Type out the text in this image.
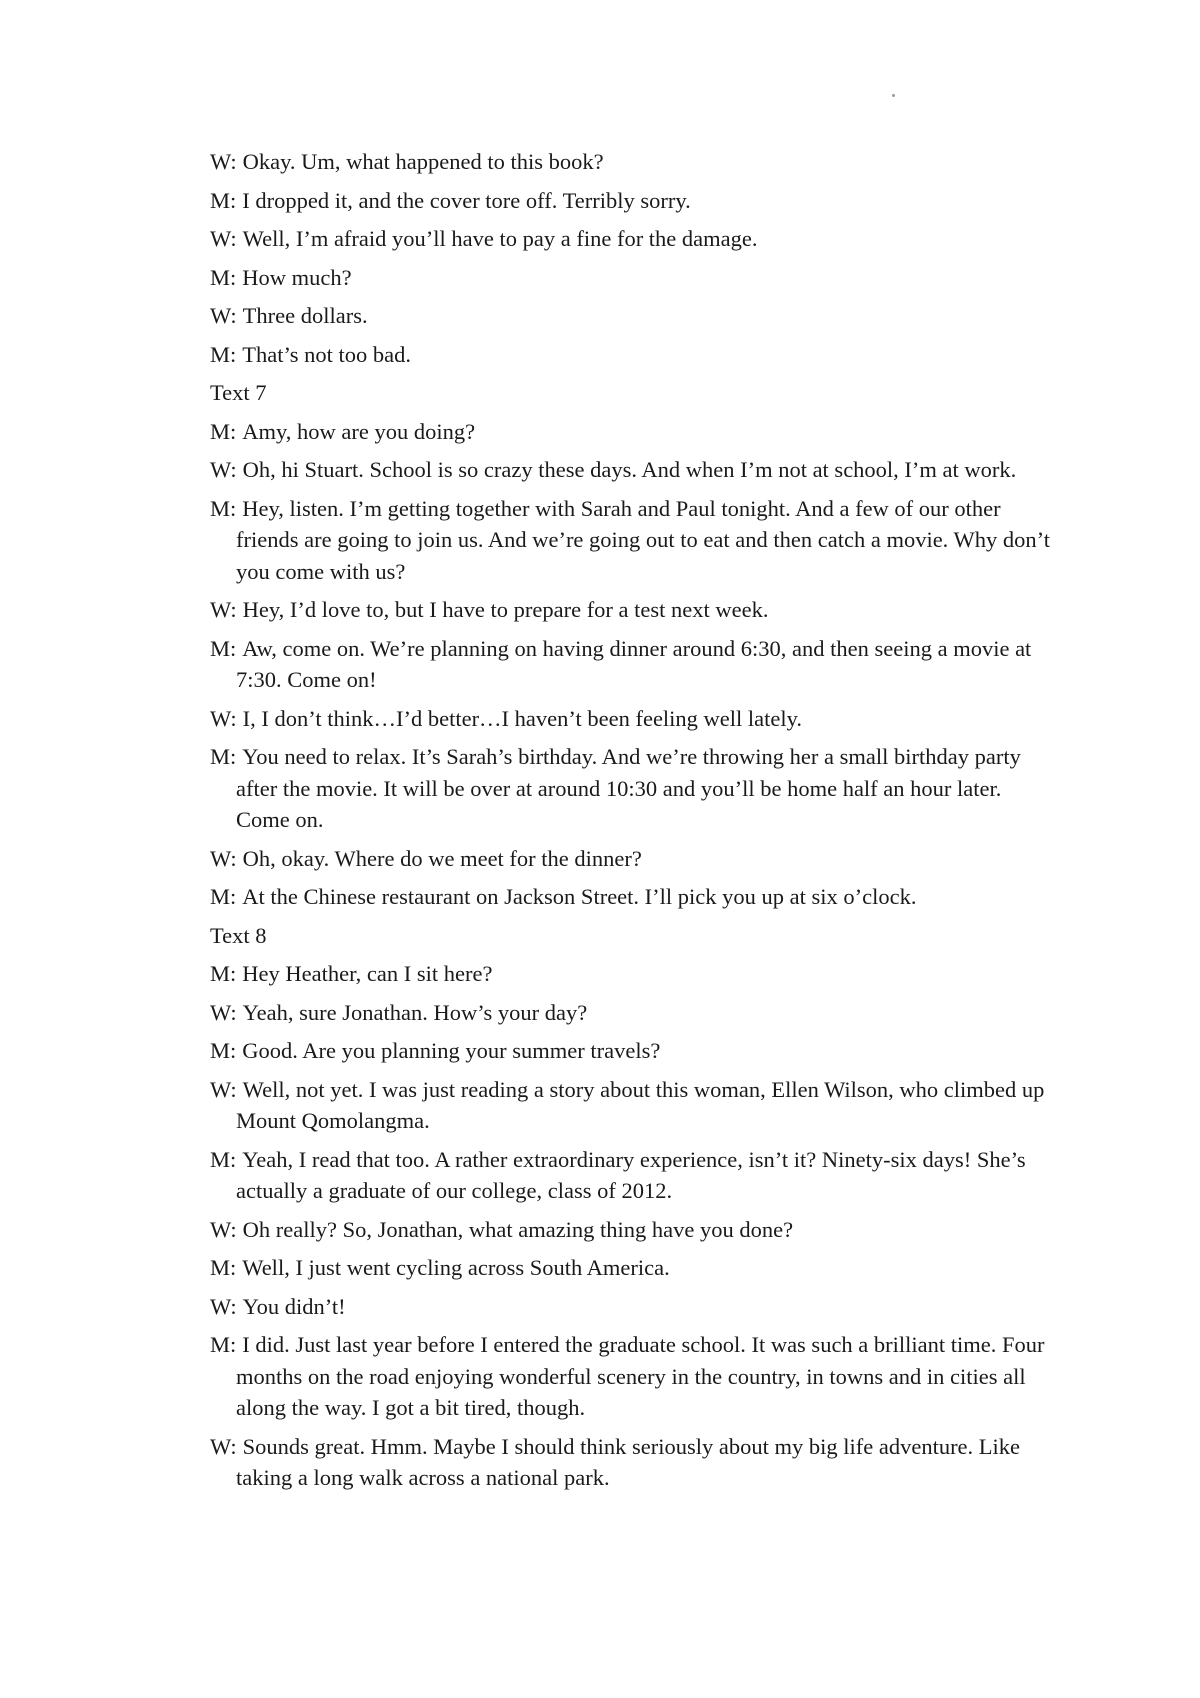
W: Okay. Um, what happened to this book?
M: I dropped it, and the cover tore off. Terribly sorry.
W: Well, I’m afraid you’ll have to pay a fine for the damage.
M: How much?
W: Three dollars.
M: That’s not too bad.
Text 7
M: Amy, how are you doing?
W: Oh, hi Stuart. School is so crazy these days. And when I’m not at school, I’m at work.
M: Hey, listen. I’m getting together with Sarah and Paul tonight. And a few of our other friends are going to join us. And we’re going out to eat and then catch a movie. Why don’t you come with us?
W: Hey, I’d love to, but I have to prepare for a test next week.
M: Aw, come on. We’re planning on having dinner around 6:30, and then seeing a movie at 7:30. Come on!
W: I, I don’t think…I’d better…I haven’t been feeling well lately.
M: You need to relax. It’s Sarah’s birthday. And we’re throwing her a small birthday party after the movie. It will be over at around 10:30 and you’ll be home half an hour later. Come on.
W: Oh, okay. Where do we meet for the dinner?
M: At the Chinese restaurant on Jackson Street. I’ll pick you up at six o’clock.
Text 8
M: Hey Heather, can I sit here?
W: Yeah, sure Jonathan. How’s your day?
M: Good. Are you planning your summer travels?
W: Well, not yet. I was just reading a story about this woman, Ellen Wilson, who climbed up Mount Qomolangma.
M: Yeah, I read that too. A rather extraordinary experience, isn’t it? Ninety-six days! She’s actually a graduate of our college, class of 2012.
W: Oh really? So, Jonathan, what amazing thing have you done?
M: Well, I just went cycling across South America.
W: You didn’t!
M: I did. Just last year before I entered the graduate school. It was such a brilliant time. Four months on the road enjoying wonderful scenery in the country, in towns and in cities all along the way. I got a bit tired, though.
W: Sounds great. Hmm. Maybe I should think seriously about my big life adventure. Like taking a long walk across a national park.
